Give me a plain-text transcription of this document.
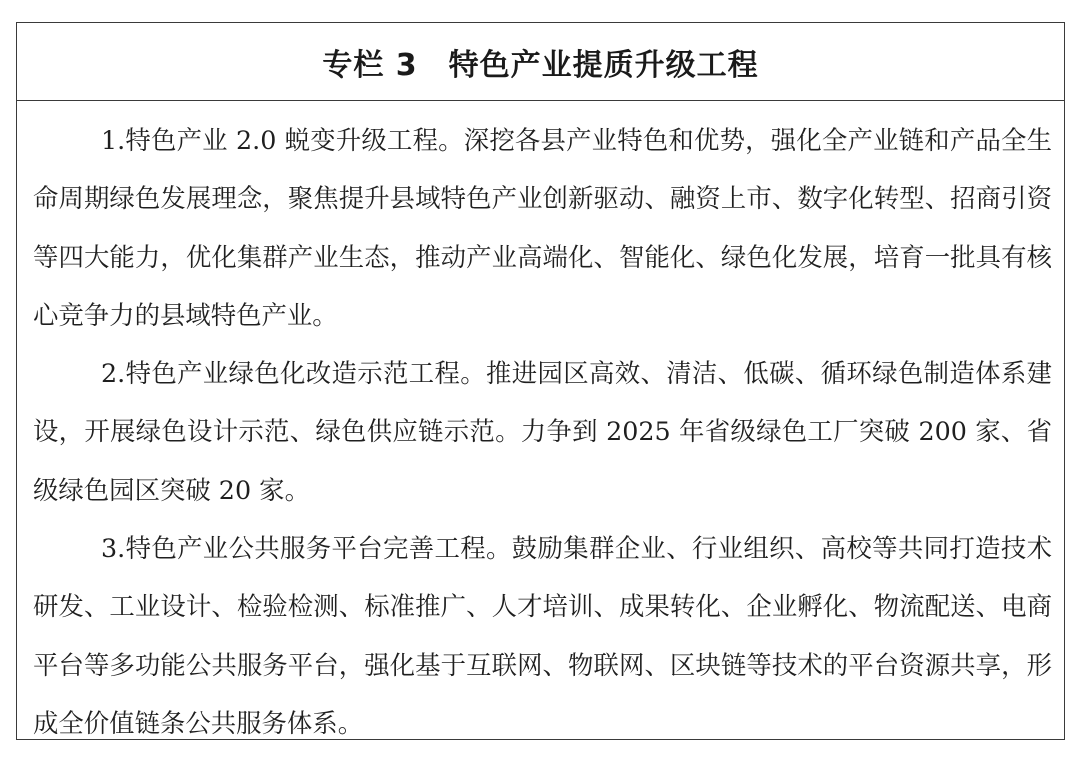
专栏 3　特色产业提质升级工程

1.特色产业 2.0 蜕变升级工程。深挖各县产业特色和优势，强化全产业链和产品全生命周期绿色发展理念，聚焦提升县域特色产业创新驱动、融资上市、数字化转型、招商引资等四大能力，优化集群产业生态，推动产业高端化、智能化、绿色化发展，培育一批具有核心竞争力的县域特色产业。

2.特色产业绿色化改造示范工程。推进园区高效、清洁、低碳、循环绿色制造体系建设，开展绿色设计示范、绿色供应链示范。力争到 2025 年省级绿色工厂突破 200 家、省级绿色园区突破 20 家。

3.特色产业公共服务平台完善工程。鼓励集群企业、行业组织、高校等共同打造技术研发、工业设计、检验检测、标准推广、人才培训、成果转化、企业孵化、物流配送、电商平台等多功能公共服务平台，强化基于互联网、物联网、区块链等技术的平台资源共享，形成全价值链条公共服务体系。
